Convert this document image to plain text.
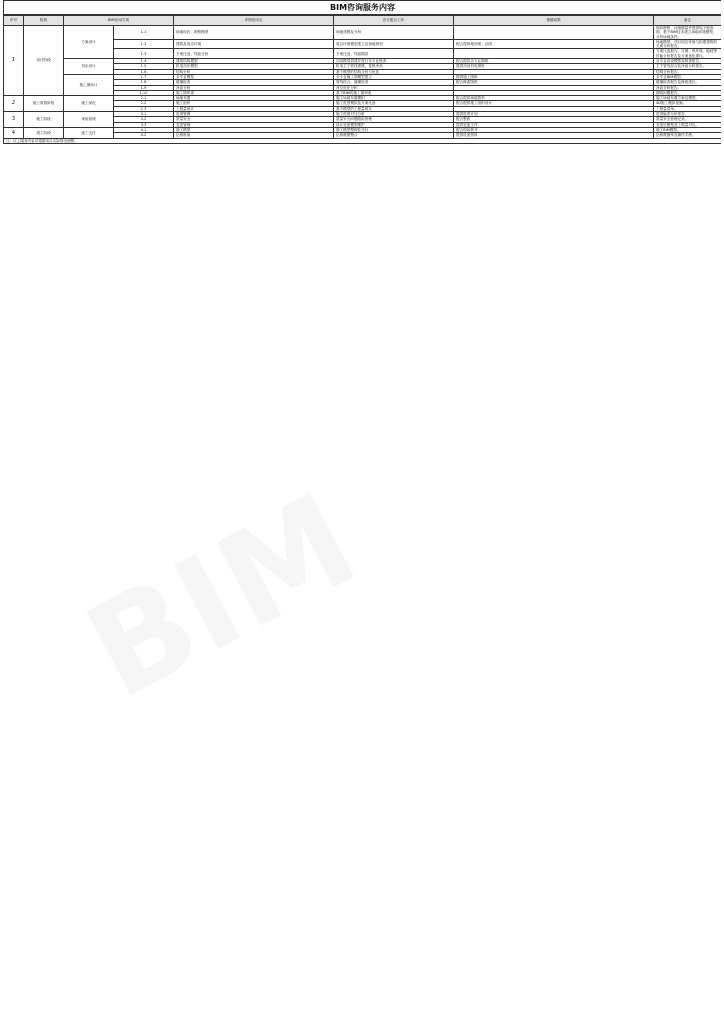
BIM咨询服务内容							
序号	阶段	BIM应用方项		详细应用点	各方配合工作	预期成果	备注
1	设计阶段	方案设计	1.1	场地现状、勘察模型	场地建模及分析		现状勘察、环境测量并提供电子地形图，基于BIM技术建立场地环境模型，分析场地条件。
			1.2	建筑及周边环境	周边环境模型建立及场地规划	配合提供地形图、总图	场地模型，项目周边环境与拟建建筑的关系分析报告。
			1.3	方案比选、性能分析	方案比选、性能模拟		方案比选报告，日照、风环境、能耗等性能分析报告及方案优化建议。
		初步设计	1.4	建筑结构模型	初设模型搭建并进行各专业核查	配合提供各专业图纸	各专业初设模型及核查报告。
			1.5	机电初步模型	机电主干管线建模，复核净高	提供初设机电图纸	主干管线综合及净高分析报告。
			1.6	结构分析	基于模型的结构分析与优化		结构分析报告。
		施工图设计	1.7	全专业模型	全专业施工图模型建立	提供施工图纸	全专业BIM模型。
			1.8	碰撞检查	管线综合、碰撞检查	配合修改图纸	碰撞检查报告及修改建议。
			1.9	净高分析	净空优化分析		净高分析报告。
			1.10	施工图审查	基于BIM的施工图审查		图纸问题报告。
2	施工准备阶段	施工深化	2.1	场地布置	施工场地布置模拟	配合提供场地资料	施工场地布置方案及模型。
			2.2	施工组织	施工进度模拟及方案比选	配合提供施工组织设计	4D施工模拟视频。
			2.3	工程量统计	基于模型的工程量统计		工程量清单。
3	施工阶段	现场管理	3.1	进度管理	施工进度对比分析	提供进度计划	进度偏差分析报告。
			3.2	质量安全	质量安全问题跟踪管理	配合整改	质量安全管理记录。
			3.3	变更管理	设计变更模型维护	提供变更文件	变更后模型及工程量对比。
4	竣工阶段	竣工交付	4.1	竣工模型	竣工模型整理及交付	配合现场核对	竣工BIM模型。
			4.2	运维准备	运维数据整合	提供设备资料	运维数据库及操作手册。
注：以上服务内容可根据项目实际情况调整。							
